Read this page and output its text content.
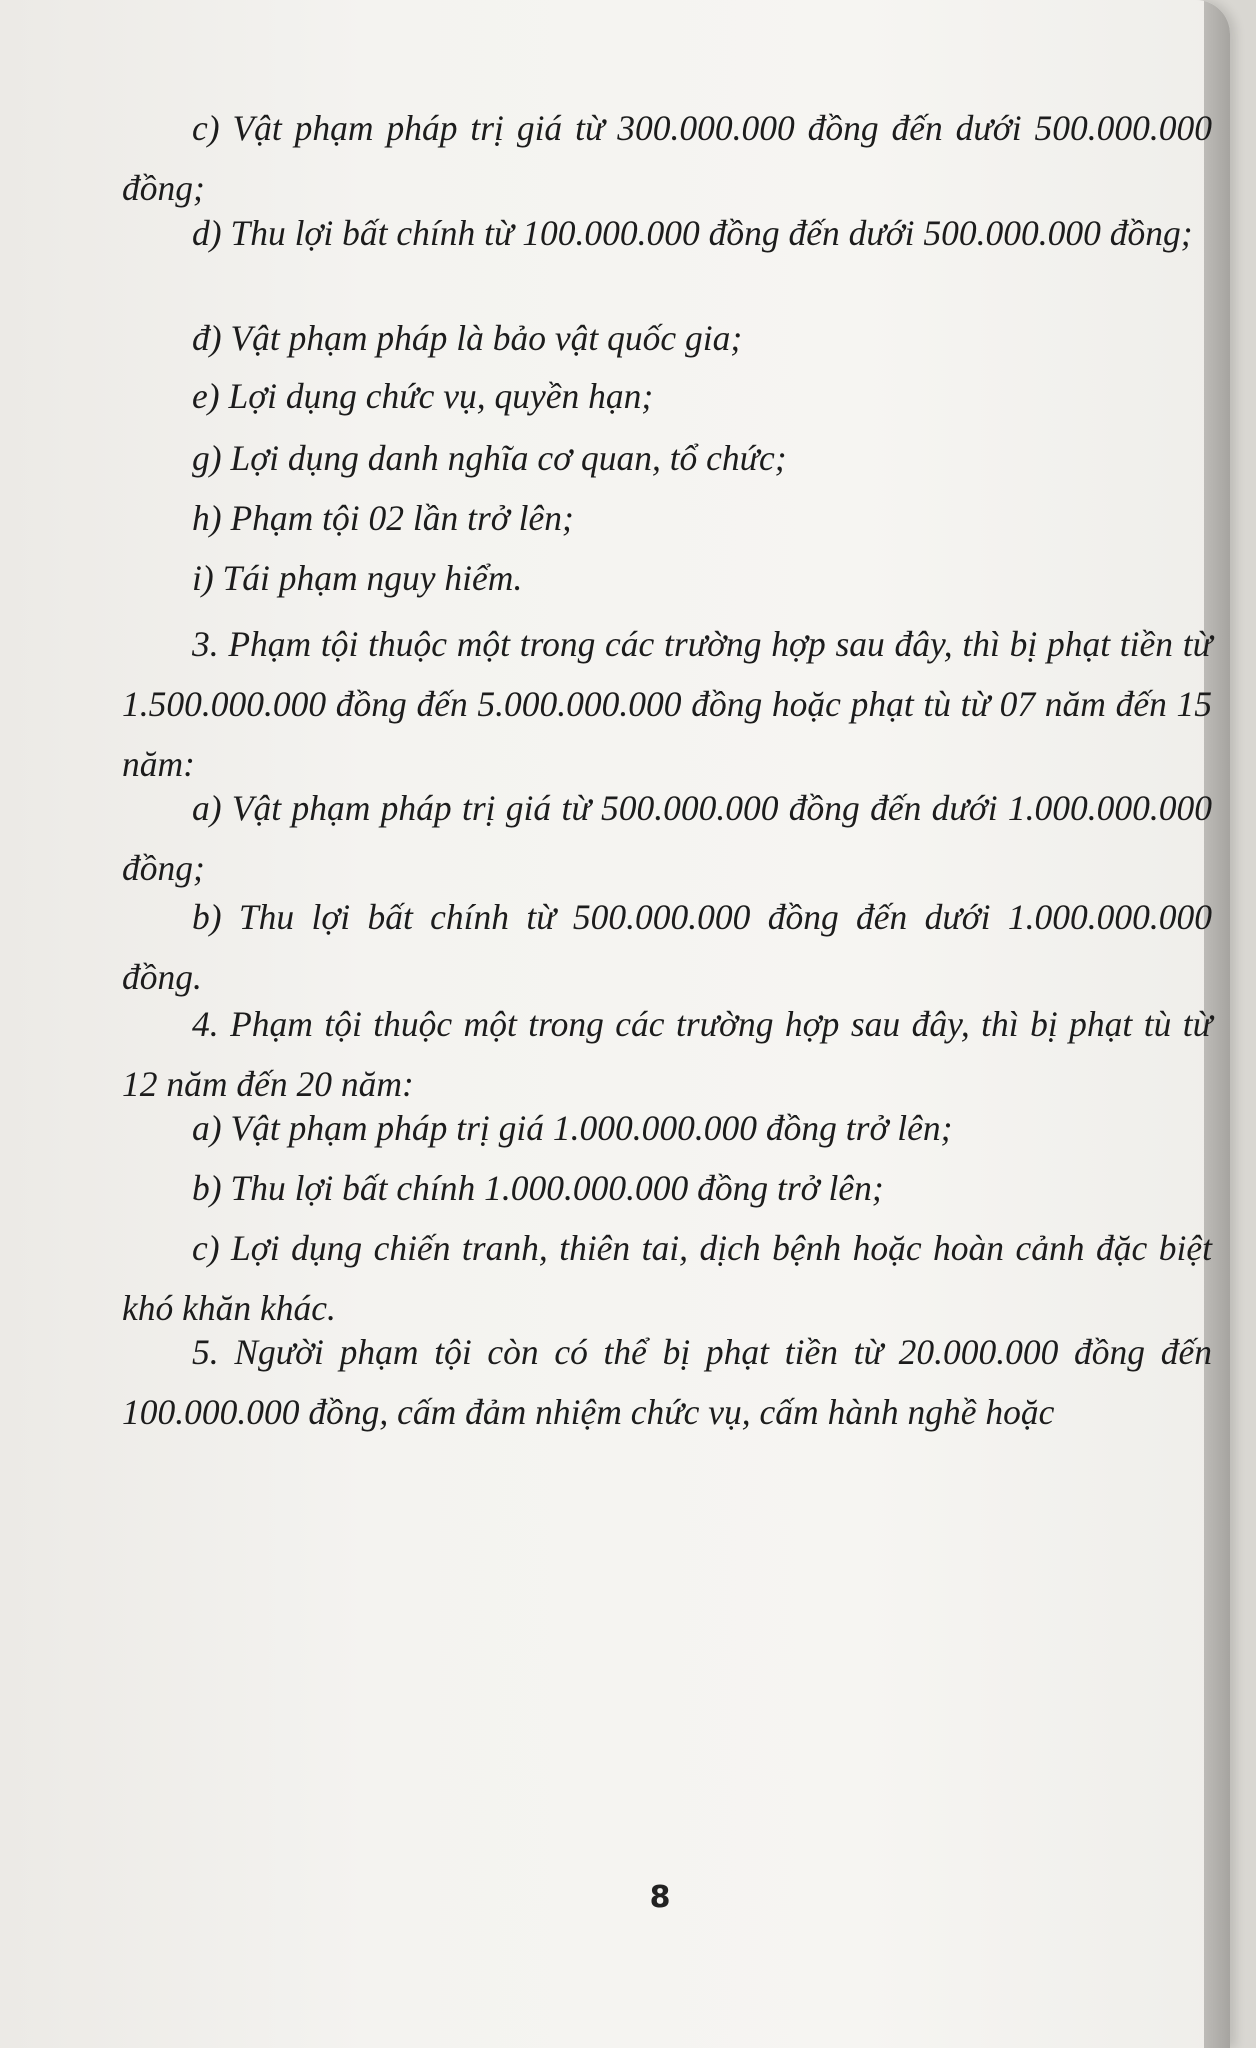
c) Vật phạm pháp trị giá từ 300.000.000 đồng đến dưới 500.000.000 đồng;

d) Thu lợi bất chính từ 100.000.000 đồng đến dưới 500.000.000 đồng;

đ) Vật phạm pháp là bảo vật quốc gia;

e) Lợi dụng chức vụ, quyền hạn;

g) Lợi dụng danh nghĩa cơ quan, tổ chức;

h) Phạm tội 02 lần trở lên;

i) Tái phạm nguy hiểm.

3. Phạm tội thuộc một trong các trường hợp sau đây, thì bị phạt tiền từ 1.500.000.000 đồng đến 5.000.000.000 đồng hoặc phạt tù từ 07 năm đến 15 năm:

a) Vật phạm pháp trị giá từ 500.000.000 đồng đến dưới 1.000.000.000 đồng;

b) Thu lợi bất chính từ 500.000.000 đồng đến dưới 1.000.000.000 đồng.

4. Phạm tội thuộc một trong các trường hợp sau đây, thì bị phạt tù từ 12 năm đến 20 năm:

a) Vật phạm pháp trị giá 1.000.000.000 đồng trở lên;

b) Thu lợi bất chính 1.000.000.000 đồng trở lên;

c) Lợi dụng chiến tranh, thiên tai, dịch bệnh hoặc hoàn cảnh đặc biệt khó khăn khác.

5. Người phạm tội còn có thể bị phạt tiền từ 20.000.000 đồng đến 100.000.000 đồng, cấm đảm nhiệm chức vụ, cấm hành nghề hoặc

8
